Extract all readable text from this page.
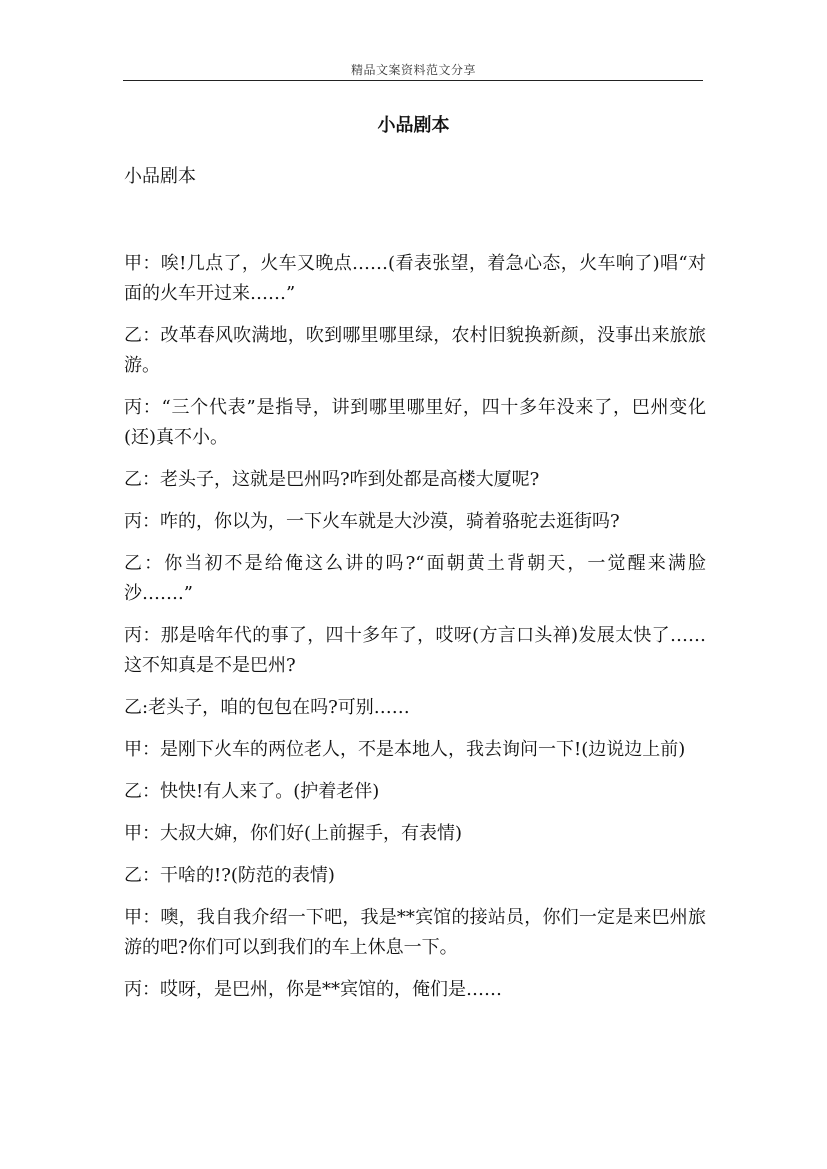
精品文案资料范文分享
小品剧本
小品剧本

甲：唉!几点了，火车又晚点……(看表张望，着急心态，火车响了)唱“对面的火车开过来……”

乙：改革春风吹满地，吹到哪里哪里绿，农村旧貌换新颜，没事出来旅旅游。

丙：“三个代表”是指导，讲到哪里哪里好，四十多年没来了，巴州变化(还)真不小。

乙：老头子，这就是巴州吗?咋到处都是高楼大厦呢?

丙：咋的，你以为，一下火车就是大沙漠，骑着骆驼去逛街吗?

乙：你当初不是给俺这么讲的吗?“面朝黄土背朝天，一觉醒来满脸沙…….”

丙：那是啥年代的事了，四十多年了，哎呀(方言口头禅)发展太快了……这不知真是不是巴州?

乙:老头子，咱的包包在吗?可别……

甲：是刚下火车的两位老人，不是本地人，我去询问一下!(边说边上前)

乙：快快!有人来了。(护着老伴)

甲：大叔大婶，你们好(上前握手，有表情)

乙：干啥的!?(防范的表情)

甲：噢，我自我介绍一下吧，我是**宾馆的接站员，你们一定是来巴州旅游的吧?你们可以到我们的车上休息一下。

丙：哎呀，是巴州，你是**宾馆的，俺们是……
